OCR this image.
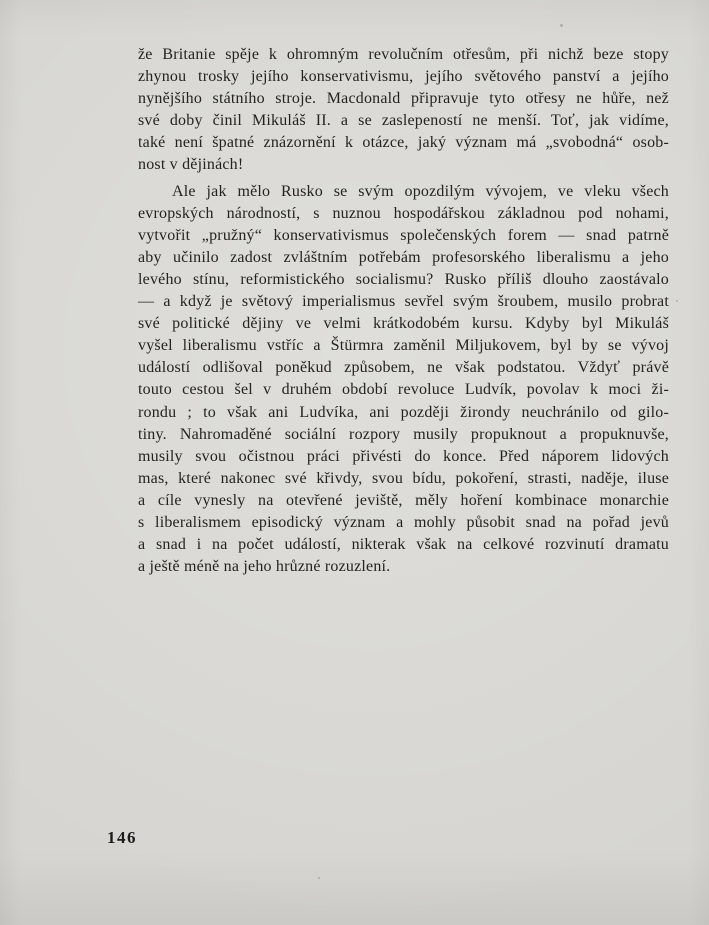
že Britanie spěje k ohromným revolučním otřesům, při nichž beze stopy
zhynou trosky jejího konservativismu, jejího světového panství a jejího
nynějšího státního stroje. Macdonald připravuje tyto otřesy ne hůře, než
své doby činil Mikuláš II. a se zaslepeností ne menší. Toť, jak vidíme,
také není špatné znázornění k otázce, jaký význam má „svobodná“ osob-
nost v dějinách!
Ale jak mělo Rusko se svým opozdilým vývojem, ve vleku všech
evropských národností, s nuznou hospodářskou základnou pod nohami,
vytvořit „pružný“ konservativismus společenských forem — snad patrně
aby učinilo zadost zvláštním potřebám profesorského liberalismu a jeho
levého stínu, reformistického socialismu? Rusko příliš dlouho zaostávalo
— a když je světový imperialismus sevřel svým šroubem, musilo probrat
své politické dějiny ve velmi krátkodobém kursu. Kdyby byl Mikuláš
vyšel liberalismu vstříc a Štürmra zaměnil Miljukovem, byl by se vývoj
událostí odlišoval poněkud způsobem, ne však podstatou. Vždyť právě
touto cestou šel v druhém období revoluce Ludvík, povolav k moci ži-
rondu ; to však ani Ludvíka, ani později žirondy neuchránilo od gilo-
tiny. Nahromaděné sociální rozpory musily propuknout a propuknuvše,
musily svou očistnou práci přivésti do konce. Před náporem lidových
mas, které nakonec své křivdy, svou bídu, pokoření, strasti, naděje, iluse
a cíle vynesly na otevřené jeviště, měly hoření kombinace monarchie
s liberalismem episodický význam a mohly působit snad na pořad jevů
a snad i na počet událostí, nikterak však na celkové rozvinutí dramatu
a ještě méně na jeho hrůzné rozuzlení.
146
